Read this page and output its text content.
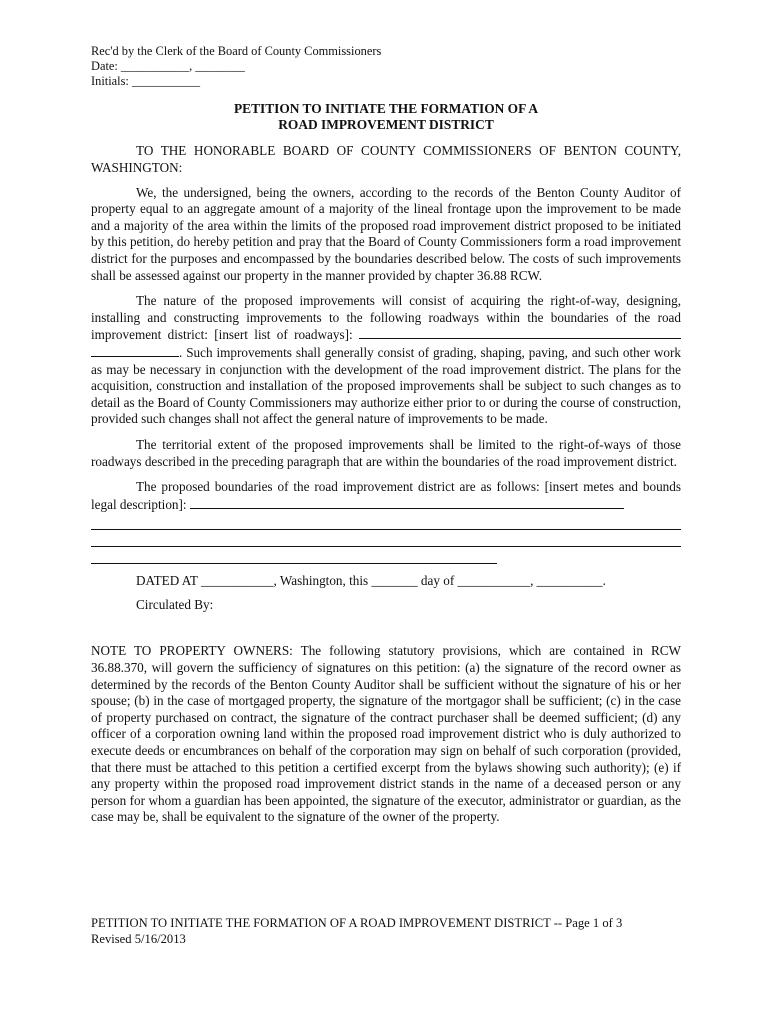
Rec'd by the Clerk of the Board of County Commissioners
Date: ___________, ________
Initials: ___________
PETITION TO INITIATE THE FORMATION OF A
ROAD IMPROVEMENT DISTRICT

TO THE HONORABLE BOARD OF COUNTY COMMISSIONERS OF BENTON COUNTY, WASHINGTON:

We, the undersigned, being the owners, according to the records of the Benton County Auditor of property equal to an aggregate amount of a majority of the lineal frontage upon the improvement to be made and a majority of the area within the limits of the proposed road improvement district proposed to be initiated by this petition, do hereby petition and pray that the Board of County Commissioners form a road improvement district for the purposes and encompassed by the boundaries described below. The costs of such improvements shall be assessed against our property in the manner provided by chapter 36.88 RCW.

The nature of the proposed improvements will consist of acquiring the right-of-way, designing, installing and constructing improvements to the following roadways within the boundaries of the road improvement district: [insert list of roadways]:  . Such improvements shall generally consist of grading, shaping, paving, and such other work as may be necessary in conjunction with the development of the road improvement district. The plans for the acquisition, construction and installation of the proposed improvements shall be subject to such changes as to detail as the Board of County Commissioners may authorize either prior to or during the course of construction, provided such changes shall not affect the general nature of improvements to be made.

The territorial extent of the proposed improvements shall be limited to the right-of-ways of those roadways described in the preceding paragraph that are within the boundaries of the road improvement district.

The proposed boundaries of the road improvement district are as follows: [insert metes and bounds legal description]:

DATED AT ___________, Washington, this _______ day of ___________, __________.
Circulated By:

NOTE TO PROPERTY OWNERS: The following statutory provisions, which are contained in RCW 36.88.370, will govern the sufficiency of signatures on this petition: (a) the signature of the record owner as determined by the records of the Benton County Auditor shall be sufficient without the signature of his or her spouse; (b) in the case of mortgaged property, the signature of the mortgagor shall be sufficient; (c) in the case of property purchased on contract, the signature of the contract purchaser shall be deemed sufficient; (d) any officer of a corporation owning land within the proposed road improvement district who is duly authorized to execute deeds or encumbrances on behalf of the corporation may sign on behalf of such corporation (provided, that there must be attached to this petition a certified excerpt from the bylaws showing such authority); (e) if any property within the proposed road improvement district stands in the name of a deceased person or any person for whom a guardian has been appointed, the signature of the executor, administrator or guardian, as the case may be, shall be equivalent to the signature of the owner of the property.

PETITION TO INITIATE THE FORMATION OF A ROAD IMPROVEMENT DISTRICT -- Page 1 of 3
Revised 5/16/2013
